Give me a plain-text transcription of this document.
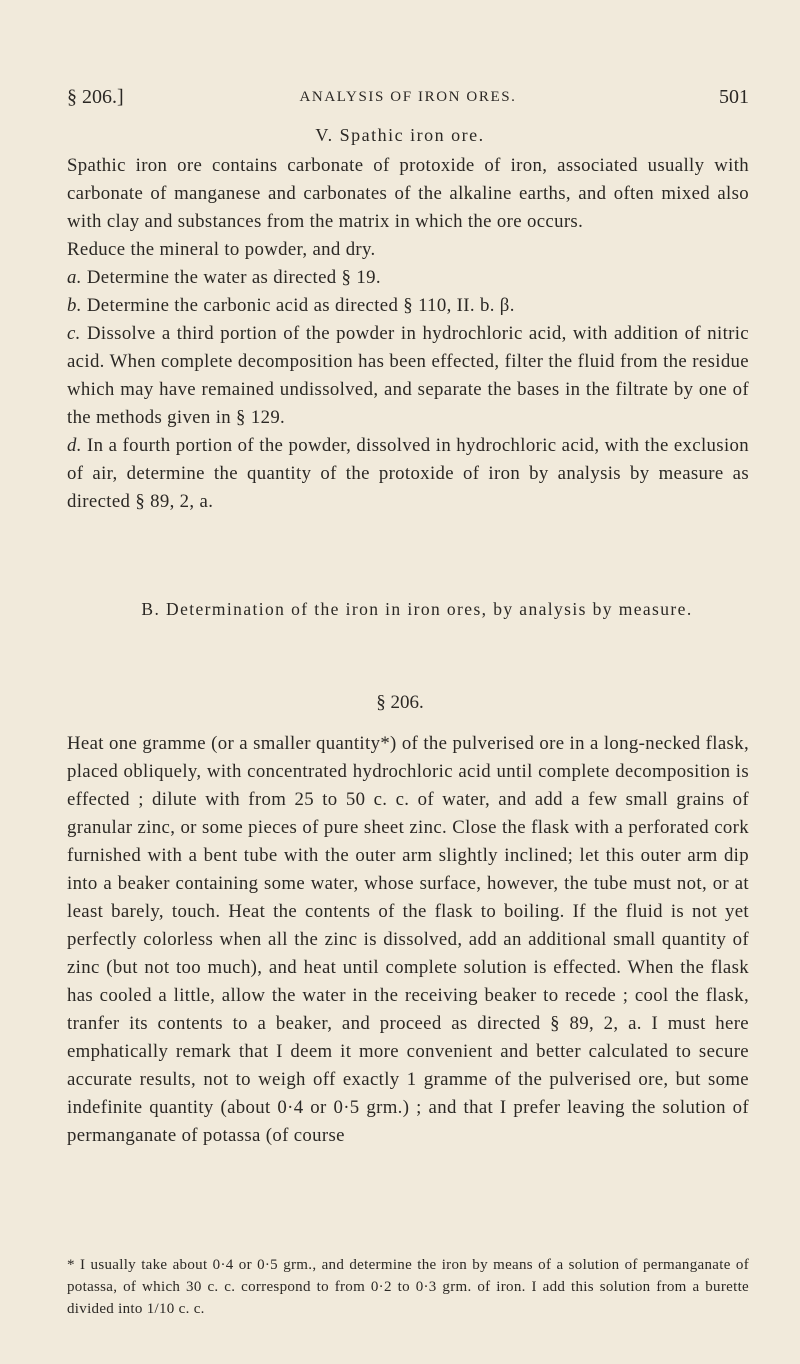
§ 206.]	ANALYSIS OF IRON ORES.	501
V. Spathic iron ore.

Spathic iron ore contains carbonate of protoxide of iron, associated usually with carbonate of manganese and carbonates of the alkaline earths, and often mixed also with clay and substances from the matrix in which the ore occurs.

Reduce the mineral to powder, and dry.

a. Determine the water as directed § 19.

b. Determine the carbonic acid as directed § 110, II. b. β.

c. Dissolve a third portion of the powder in hydrochloric acid, with addition of nitric acid. When complete decomposition has been effected, filter the fluid from the residue which may have remained undissolved, and separate the bases in the filtrate by one of the methods given in § 129.

d. In a fourth portion of the powder, dissolved in hydrochloric acid, with the exclusion of air, determine the quantity of the protoxide of iron by analysis by measure as directed § 89, 2, a.

B. Determination of the iron in iron ores, by analysis by measure.
§ 206.

Heat one gramme (or a smaller quantity*) of the pulverised ore in a long-necked flask, placed obliquely, with concentrated hydrochloric acid until complete decomposition is effected ; dilute with from 25 to 50 c. c. of water, and add a few small grains of granular zinc, or some pieces of pure sheet zinc. Close the flask with a perforated cork furnished with a bent tube with the outer arm slightly inclined; let this outer arm dip into a beaker containing some water, whose surface, however, the tube must not, or at least barely, touch. Heat the contents of the flask to boiling. If the fluid is not yet perfectly colorless when all the zinc is dissolved, add an additional small quantity of zinc (but not too much), and heat until complete solution is effected. When the flask has cooled a little, allow the water in the receiving beaker to recede ; cool the flask, tranfer its contents to a beaker, and proceed as directed § 89, 2, a. I must here emphatically remark that I deem it more convenient and better calculated to secure accurate results, not to weigh off exactly 1 gramme of the pulverised ore, but some indefinite quantity (about 0·4 or 0·5 grm.) ; and that I prefer leaving the solution of permanganate of potassa (of course

* I usually take about 0·4 or 0·5 grm., and determine the iron by means of a solution of permanganate of potassa, of which 30 c. c. correspond to from 0·2 to 0·3 grm. of iron. I add this solution from a burette divided into 1/10 c. c.
